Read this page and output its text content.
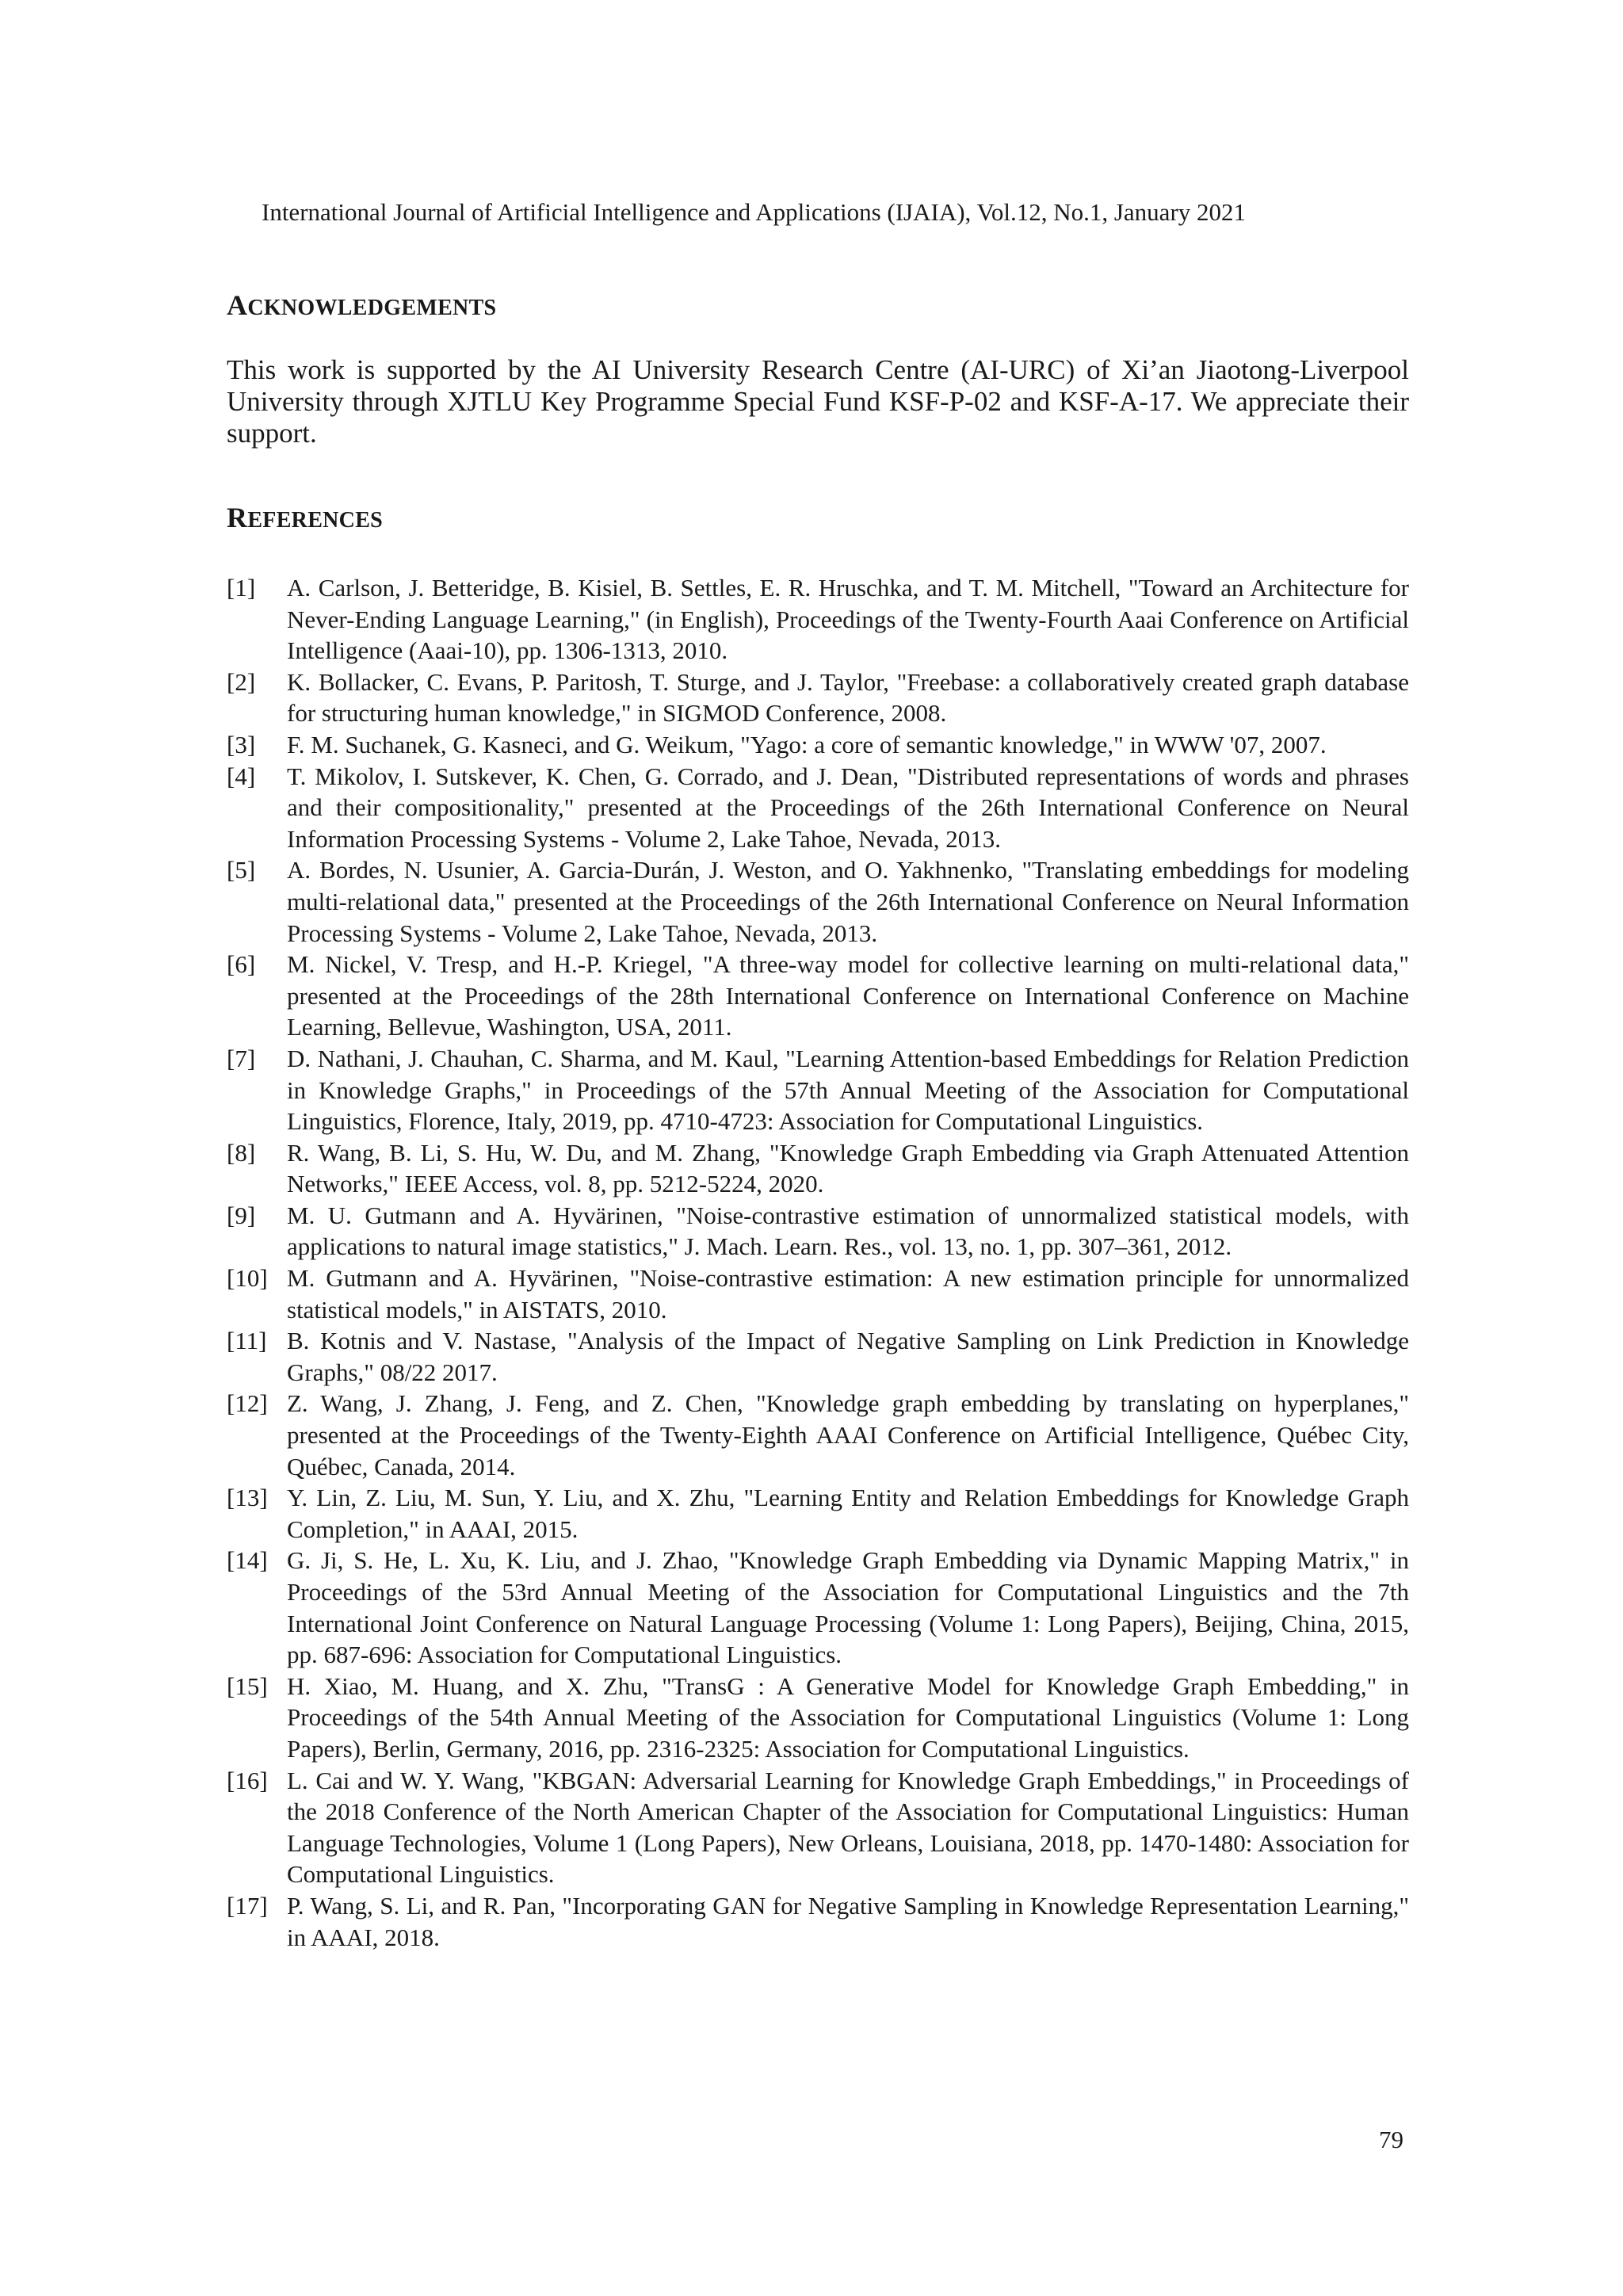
International Journal of Artificial Intelligence and Applications (IJAIA), Vol.12, No.1, January 2021
ACKNOWLEDGEMENTS
This work is supported by the AI University Research Centre (AI-URC) of Xi’an Jiaotong-Liverpool University through XJTLU Key Programme Special Fund KSF-P-02 and KSF-A-17. We appreciate their support.
REFERENCES
[1]	A. Carlson, J. Betteridge, B. Kisiel, B. Settles, E. R. Hruschka, and T. M. Mitchell, "Toward an Architecture for Never-Ending Language Learning," (in English), Proceedings of the Twenty-Fourth Aaai Conference on Artificial Intelligence (Aaai-10), pp. 1306-1313, 2010.
[2]	K. Bollacker, C. Evans, P. Paritosh, T. Sturge, and J. Taylor, "Freebase: a collaboratively created graph database for structuring human knowledge," in SIGMOD Conference, 2008.
[3]	F. M. Suchanek, G. Kasneci, and G. Weikum, "Yago: a core of semantic knowledge," in WWW '07, 2007.
[4]	T. Mikolov, I. Sutskever, K. Chen, G. Corrado, and J. Dean, "Distributed representations of words and phrases and their compositionality," presented at the Proceedings of the 26th International Conference on Neural Information Processing Systems - Volume 2, Lake Tahoe, Nevada, 2013.
[5]	A. Bordes, N. Usunier, A. Garcia-Durán, J. Weston, and O. Yakhnenko, "Translating embeddings for modeling multi-relational data," presented at the Proceedings of the 26th International Conference on Neural Information Processing Systems - Volume 2, Lake Tahoe, Nevada, 2013.
[6]	M. Nickel, V. Tresp, and H.-P. Kriegel, "A three-way model for collective learning on multi-relational data," presented at the Proceedings of the 28th International Conference on International Conference on Machine Learning, Bellevue, Washington, USA, 2011.
[7]	D. Nathani, J. Chauhan, C. Sharma, and M. Kaul, "Learning Attention-based Embeddings for Relation Prediction in Knowledge Graphs," in Proceedings of the 57th Annual Meeting of the Association for Computational Linguistics, Florence, Italy, 2019, pp. 4710-4723: Association for Computational Linguistics.
[8]	R. Wang, B. Li, S. Hu, W. Du, and M. Zhang, "Knowledge Graph Embedding via Graph Attenuated Attention Networks," IEEE Access, vol. 8, pp. 5212-5224, 2020.
[9]	M. U. Gutmann and A. Hyvärinen, "Noise-contrastive estimation of unnormalized statistical models, with applications to natural image statistics," J. Mach. Learn. Res., vol. 13, no. 1, pp. 307–361, 2012.
[10] M. Gutmann and A. Hyvärinen, "Noise-contrastive estimation: A new estimation principle for unnormalized statistical models," in AISTATS, 2010.
[11] B. Kotnis and V. Nastase, "Analysis of the Impact of Negative Sampling on Link Prediction in Knowledge Graphs," 08/22 2017.
[12] Z. Wang, J. Zhang, J. Feng, and Z. Chen, "Knowledge graph embedding by translating on hyperplanes," presented at the Proceedings of the Twenty-Eighth AAAI Conference on Artificial Intelligence, Québec City, Québec, Canada, 2014.
[13] Y. Lin, Z. Liu, M. Sun, Y. Liu, and X. Zhu, "Learning Entity and Relation Embeddings for Knowledge Graph Completion," in AAAI, 2015.
[14] G. Ji, S. He, L. Xu, K. Liu, and J. Zhao, "Knowledge Graph Embedding via Dynamic Mapping Matrix," in Proceedings of the 53rd Annual Meeting of the Association for Computational Linguistics and the 7th International Joint Conference on Natural Language Processing (Volume 1: Long Papers), Beijing, China, 2015, pp. 687-696: Association for Computational Linguistics.
[15] H. Xiao, M. Huang, and X. Zhu, "TransG : A Generative Model for Knowledge Graph Embedding," in Proceedings of the 54th Annual Meeting of the Association for Computational Linguistics (Volume 1: Long Papers), Berlin, Germany, 2016, pp. 2316-2325: Association for Computational Linguistics.
[16] L. Cai and W. Y. Wang, "KBGAN: Adversarial Learning for Knowledge Graph Embeddings," in Proceedings of the 2018 Conference of the North American Chapter of the Association for Computational Linguistics: Human Language Technologies, Volume 1 (Long Papers), New Orleans, Louisiana, 2018, pp. 1470-1480: Association for Computational Linguistics.
[17] P. Wang, S. Li, and R. Pan, "Incorporating GAN for Negative Sampling in Knowledge Representation Learning," in AAAI, 2018.
79
